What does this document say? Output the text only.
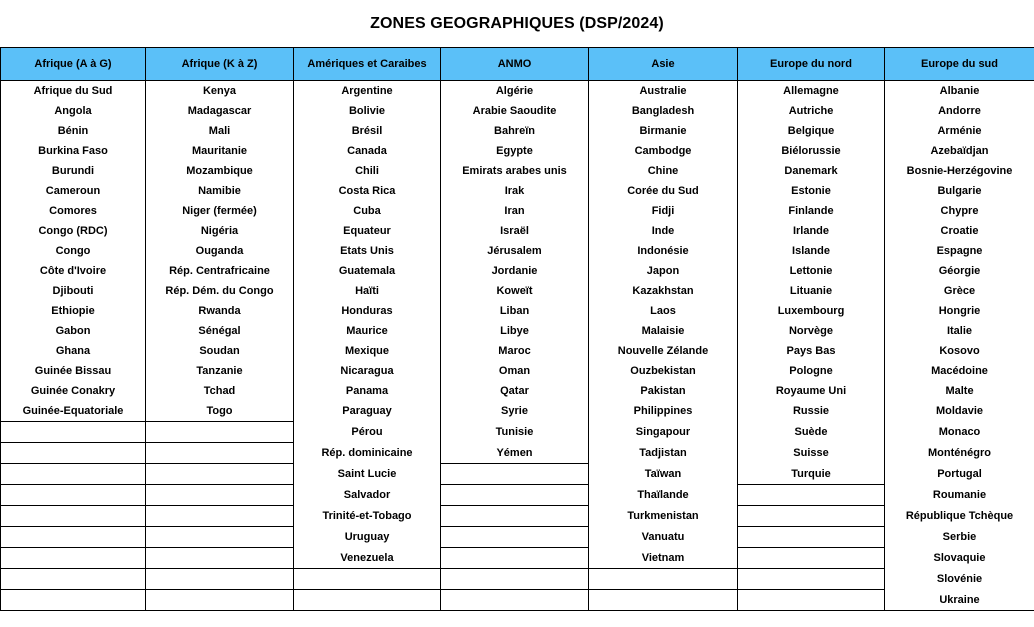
ZONES GEOGRAPHIQUES (DSP/2024)
Afrique (A à G)	Afrique (K à Z)	Amériques et Caraibes	ANMO	Asie	Europe du nord	Europe du sud
Afrique du Sud	Kenya	Argentine	Algérie	Australie	Allemagne	Albanie
Angola	Madagascar	Bolivie	Arabie Saoudite	Bangladesh	Autriche	Andorre
Bénin	Mali	Brésil	Bahreïn	Birmanie	Belgique	Arménie
Burkina Faso	Mauritanie	Canada	Egypte	Cambodge	Biélorussie	Azebaïdjan
Burundi	Mozambique	Chili	Emirats arabes unis	Chine	Danemark	Bosnie-Herzégovine
Cameroun	Namibie	Costa Rica	Irak	Corée du Sud	Estonie	Bulgarie
Comores	Niger (fermée)	Cuba	Iran	Fidji	Finlande	Chypre
Congo (RDC)	Nigéria	Equateur	Israël	Inde	Irlande	Croatie
Congo	Ouganda	Etats Unis	Jérusalem	Indonésie	Islande	Espagne
Côte d'Ivoire	Rép. Centrafricaine	Guatemala	Jordanie	Japon	Lettonie	Géorgie
Djibouti	Rép. Dém. du Congo	Haïti	Koweït	Kazakhstan	Lituanie	Grèce
Ethiopie	Rwanda	Honduras	Liban	Laos	Luxembourg	Hongrie
Gabon	Sénégal	Maurice	Libye	Malaisie	Norvège	Italie
Ghana	Soudan	Mexique	Maroc	Nouvelle Zélande	Pays Bas	Kosovo
Guinée Bissau	Tanzanie	Nicaragua	Oman	Ouzbekistan	Pologne	Macédoine
Guinée Conakry	Tchad	Panama	Qatar	Pakistan	Royaume Uni	Malte
Guinée-Equatoriale	Togo	Paraguay	Syrie	Philippines	Russie	Moldavie
		Pérou	Tunisie	Singapour	Suède	Monaco
		Rép. dominicaine	Yémen	Tadjistan	Suisse	Monténégro
		Saint Lucie		Taïwan	Turquie	Portugal
		Salvador		Thaïlande		Roumanie
		Trinité-et-Tobago		Turkmenistan		République Tchèque
		Uruguay		Vanuatu		Serbie
		Venezuela		Vietnam		Slovaquie
						Slovénie
						Ukraine
